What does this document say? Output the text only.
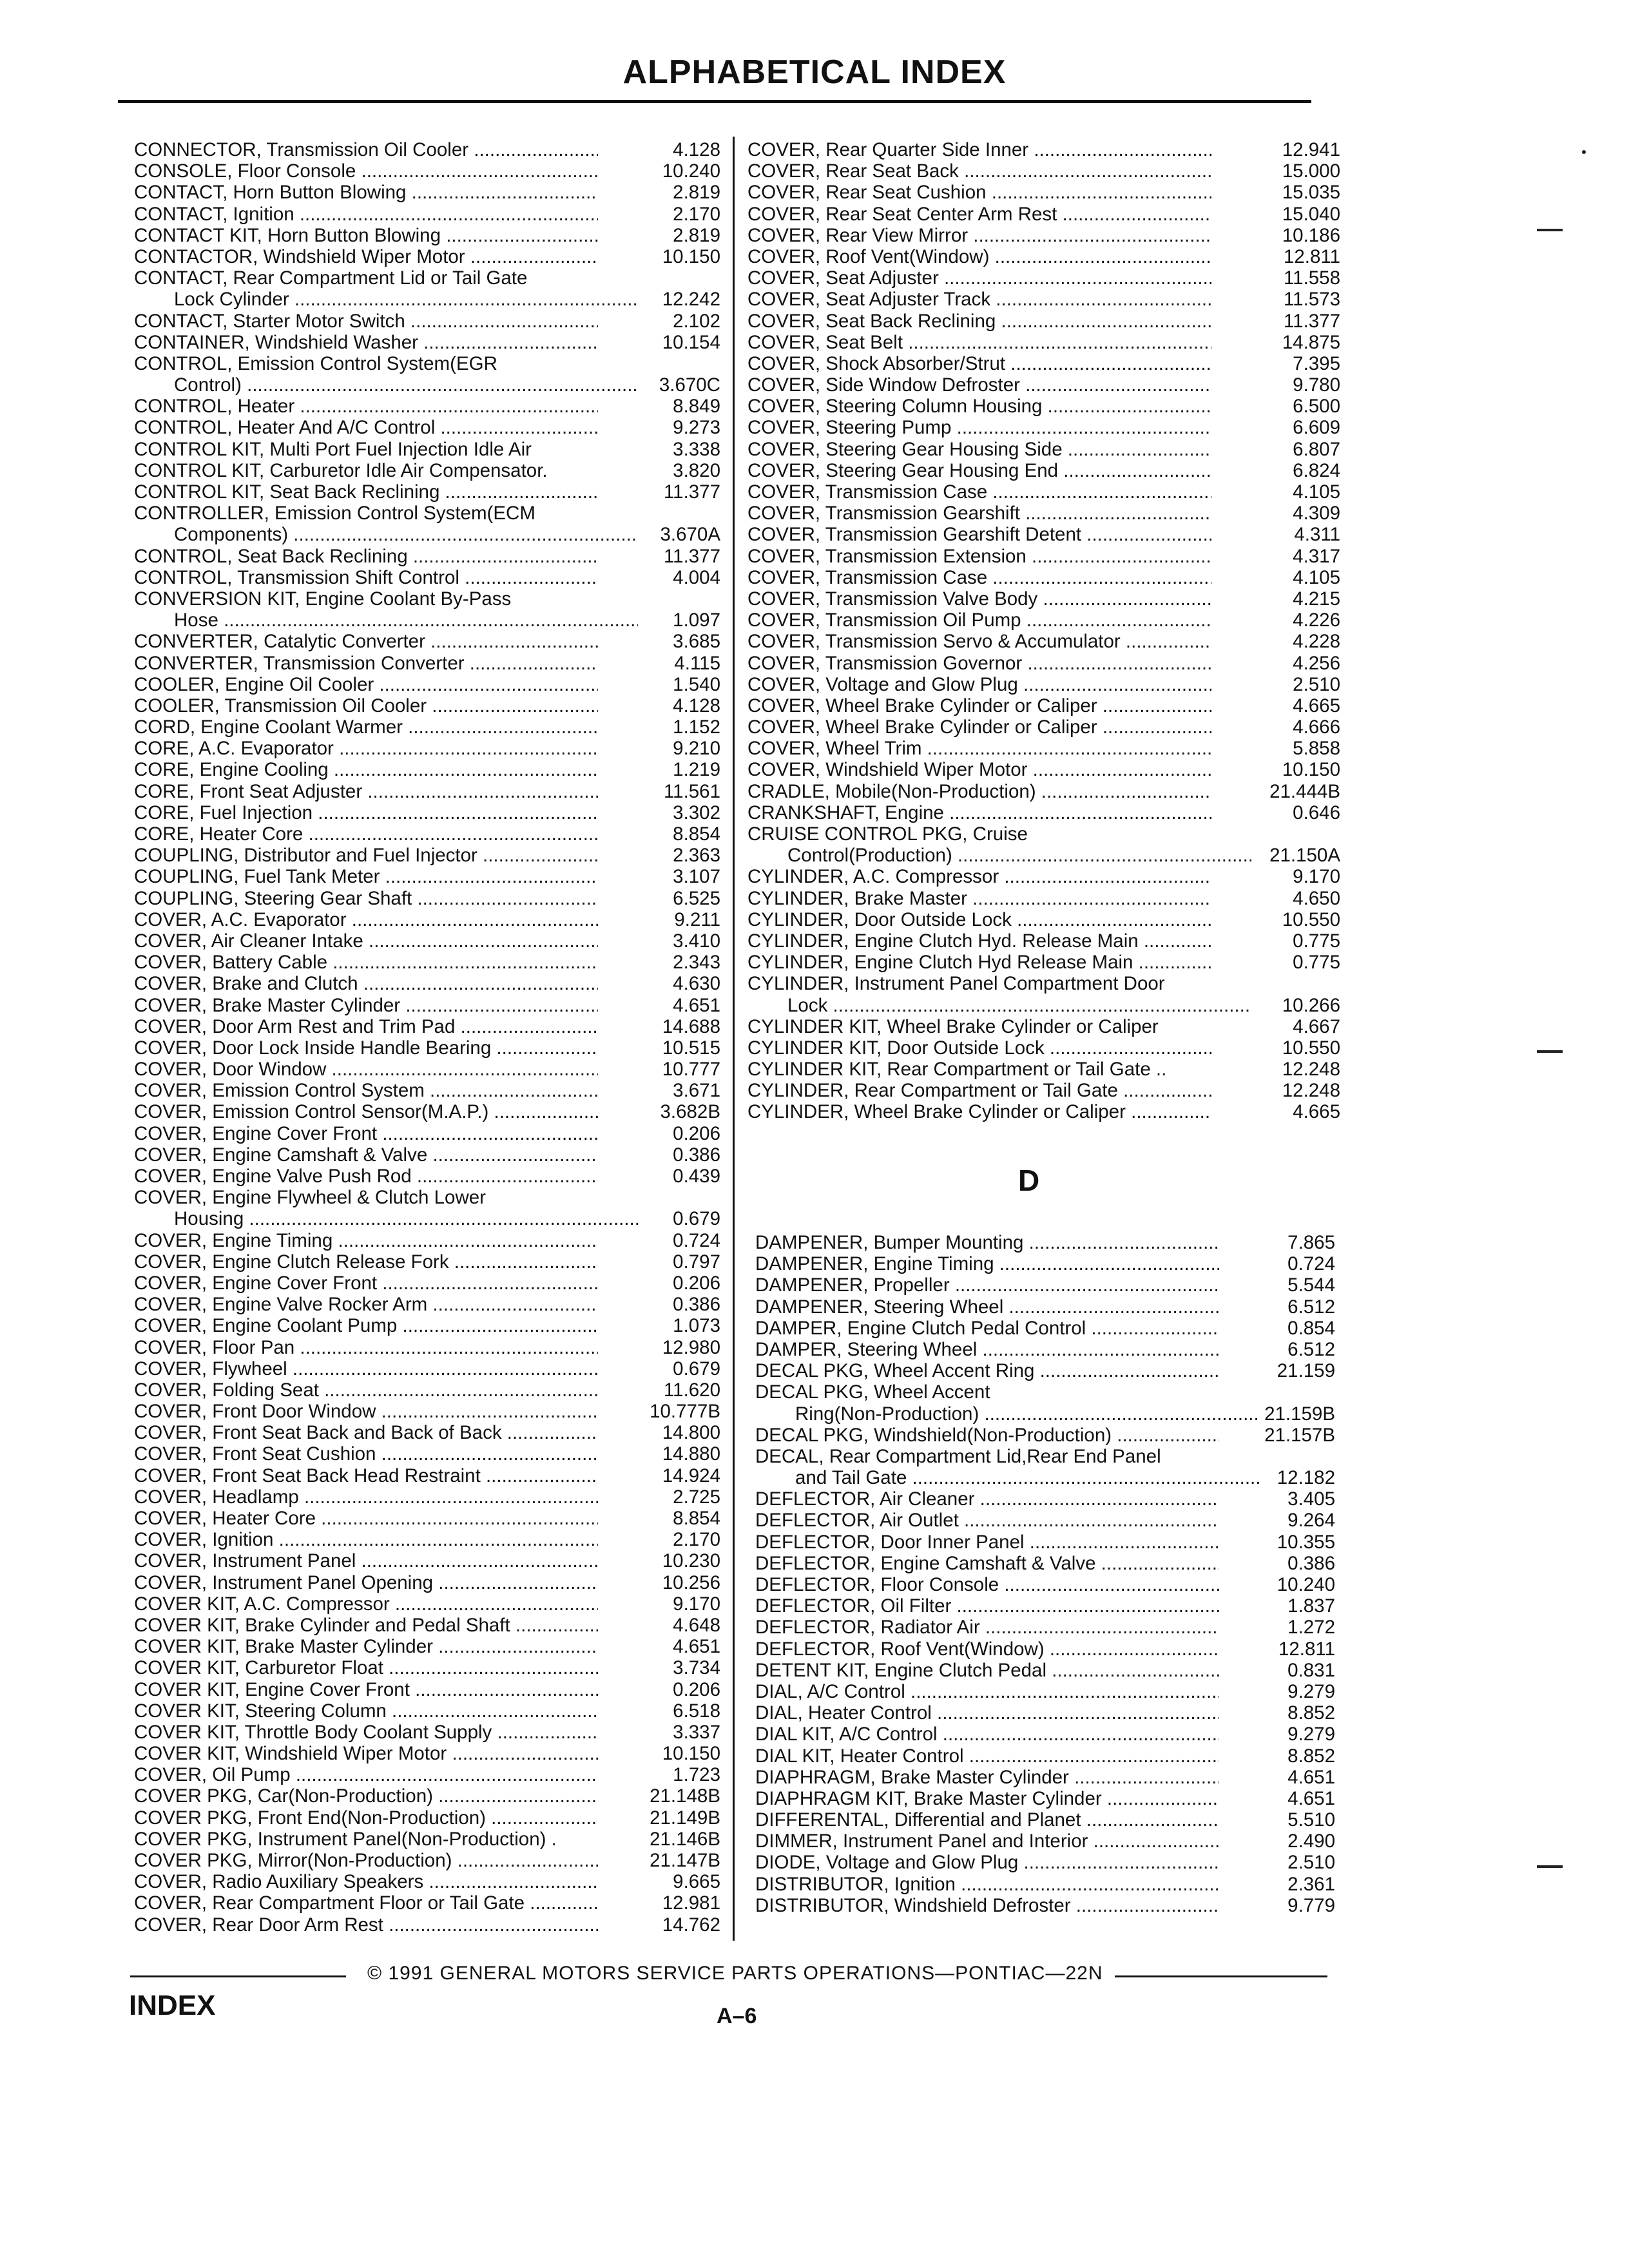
ALPHABETICAL INDEX
CONNECTOR, Transmission Oil Cooler .....	4.128
CONSOLE, Floor Console .....	10.240
CONTACT, Horn Button Blowing .....	2.819
CONTACT, Ignition .....	2.170
CONTACT KIT, Horn Button Blowing .....	2.819
CONTACTOR, Windshield Wiper Motor .....	10.150
CONTACT, Rear Compartment Lid or Tail Gate
Lock Cylinder .....	12.242
CONTACT, Starter Motor Switch .....	2.102
CONTAINER, Windshield Washer .....	10.154
CONTROL, Emission Control System(EGR
Control) .....	3.670C
CONTROL, Heater .....	8.849
CONTROL, Heater And A/C Control .....	9.273
CONTROL KIT, Multi Port Fuel Injection Idle Air	3.338
CONTROL KIT, Carburetor Idle Air Compensator.	3.820
CONTROL KIT, Seat Back Reclining .....	11.377
CONTROLLER, Emission Control System(ECM
Components) .....	3.670A
CONTROL, Seat Back Reclining .....	11.377
CONTROL, Transmission Shift Control .....	4.004
CONVERSION KIT, Engine Coolant By-Pass
Hose .....	1.097
CONVERTER, Catalytic Converter .....	3.685
CONVERTER, Transmission Converter .....	4.115
COOLER, Engine Oil Cooler .....	1.540
COOLER, Transmission Oil Cooler .....	4.128
CORD, Engine Coolant Warmer .....	1.152
CORE, A.C. Evaporator .....	9.210
CORE, Engine Cooling .....	1.219
CORE, Front Seat Adjuster .....	11.561
CORE, Fuel Injection .....	3.302
CORE, Heater Core .....	8.854
COUPLING, Distributor and Fuel Injector .....	2.363
COUPLING, Fuel Tank Meter .....	3.107
COUPLING, Steering Gear Shaft .....	6.525
COVER, A.C. Evaporator .....	9.211
COVER, Air Cleaner Intake .....	3.410
COVER, Battery Cable .....	2.343
COVER, Brake and Clutch .....	4.630
COVER, Brake Master Cylinder .....	4.651
COVER, Door Arm Rest and Trim Pad .....	14.688
COVER, Door Lock Inside Handle Bearing .....	10.515
COVER, Door Window .....	10.777
COVER, Emission Control System .....	3.671
COVER, Emission Control Sensor(M.A.P.) .....	3.682B
COVER, Engine Cover Front .....	0.206
COVER, Engine Camshaft & Valve .....	0.386
COVER, Engine Valve Push Rod .....	0.439
COVER, Engine Flywheel & Clutch Lower
Housing .....	0.679
COVER, Engine Timing .....	0.724
COVER, Engine Clutch Release Fork .....	0.797
COVER, Engine Cover Front .....	0.206
COVER, Engine Valve Rocker Arm .....	0.386
COVER, Engine Coolant Pump .....	1.073
COVER, Floor Pan .....	12.980
COVER, Flywheel .....	0.679
COVER, Folding Seat .....	11.620
COVER, Front Door Window .....	10.777B
COVER, Front Seat Back and Back of Back .....	14.800
COVER, Front Seat Cushion .....	14.880
COVER, Front Seat Back Head Restraint .....	14.924
COVER, Headlamp .....	2.725
COVER, Heater Core .....	8.854
COVER, Ignition .....	2.170
COVER, Instrument Panel .....	10.230
COVER, Instrument Panel Opening .....	10.256
COVER KIT, A.C. Compressor .....	9.170
COVER KIT, Brake Cylinder and Pedal Shaft .....	4.648
COVER KIT, Brake Master Cylinder .....	4.651
COVER KIT, Carburetor Float .....	3.734
COVER KIT, Engine Cover Front .....	0.206
COVER KIT, Steering Column .....	6.518
COVER KIT, Throttle Body Coolant Supply .....	3.337
COVER KIT, Windshield Wiper Motor .....	10.150
COVER, Oil Pump .....	1.723
COVER PKG, Car(Non-Production) .....	21.148B
COVER PKG, Front End(Non-Production) .....	21.149B
COVER PKG, Instrument Panel(Non-Production) .	21.146B
COVER PKG, Mirror(Non-Production) .....	21.147B
COVER, Radio Auxiliary Speakers .....	9.665
COVER, Rear Compartment Floor or Tail Gate .....	12.981
COVER, Rear Door Arm Rest .....	14.762
COVER, Rear Quarter Side Inner .....	12.941
COVER, Rear Seat Back .....	15.000
COVER, Rear Seat Cushion .....	15.035
COVER, Rear Seat Center Arm Rest .....	15.040
COVER, Rear View Mirror .....	10.186
COVER, Roof Vent(Window) .....	12.811
COVER, Seat Adjuster .....	11.558
COVER, Seat Adjuster Track .....	11.573
COVER, Seat Back Reclining .....	11.377
COVER, Seat Belt .....	14.875
COVER, Shock Absorber/Strut .....	7.395
COVER, Side Window Defroster .....	9.780
COVER, Steering Column Housing .....	6.500
COVER, Steering Pump .....	6.609
COVER, Steering Gear Housing Side .....	6.807
COVER, Steering Gear Housing End .....	6.824
COVER, Transmission Case .....	4.105
COVER, Transmission Gearshift .....	4.309
COVER, Transmission Gearshift Detent .....	4.311
COVER, Transmission Extension .....	4.317
COVER, Transmission Case .....	4.105
COVER, Transmission Valve Body .....	4.215
COVER, Transmission Oil Pump .....	4.226
COVER, Transmission Servo & Accumulator .....	4.228
COVER, Transmission Governor .....	4.256
COVER, Voltage and Glow Plug .....	2.510
COVER, Wheel Brake Cylinder or Caliper .....	4.665
COVER, Wheel Brake Cylinder or Caliper .....	4.666
COVER, Wheel Trim .....	5.858
COVER, Windshield Wiper Motor .....	10.150
CRADLE, Mobile(Non-Production) .....	21.444B
CRANKSHAFT, Engine .....	0.646
CRUISE CONTROL PKG, Cruise
Control(Production) .....	21.150A
CYLINDER, A.C. Compressor .....	9.170
CYLINDER, Brake Master .....	4.650
CYLINDER, Door Outside Lock .....	10.550
CYLINDER, Engine Clutch Hyd. Release Main .....	0.775
CYLINDER, Engine Clutch Hyd Release Main .....	0.775
CYLINDER, Instrument Panel Compartment Door
Lock .....	10.266
CYLINDER KIT, Wheel Brake Cylinder or Caliper	4.667
CYLINDER KIT, Door Outside Lock .....	10.550
CYLINDER KIT, Rear Compartment or Tail Gate ..	12.248
CYLINDER, Rear Compartment or Tail Gate .....	12.248
CYLINDER, Wheel Brake Cylinder or Caliper .....	4.665
D
DAMPENER, Bumper Mounting .....	7.865
DAMPENER, Engine Timing .....	0.724
DAMPENER, Propeller .....	5.544
DAMPENER, Steering Wheel .....	6.512
DAMPER, Engine Clutch Pedal Control .....	0.854
DAMPER, Steering Wheel .....	6.512
DECAL PKG, Wheel Accent Ring .....	21.159
DECAL PKG, Wheel Accent
Ring(Non-Production) .....	21.159B
DECAL PKG, Windshield(Non-Production) .....	21.157B
DECAL, Rear Compartment Lid,Rear End Panel
and Tail Gate .....	12.182
DEFLECTOR, Air Cleaner .....	3.405
DEFLECTOR, Air Outlet .....	9.264
DEFLECTOR, Door Inner Panel .....	10.355
DEFLECTOR, Engine Camshaft & Valve .....	0.386
DEFLECTOR, Floor Console .....	10.240
DEFLECTOR, Oil Filter .....	1.837
DEFLECTOR, Radiator Air .....	1.272
DEFLECTOR, Roof Vent(Window) .....	12.811
DETENT KIT, Engine Clutch Pedal .....	0.831
DIAL, A/C Control .....	9.279
DIAL, Heater Control .....	8.852
DIAL KIT, A/C Control .....	9.279
DIAL KIT, Heater Control .....	8.852
DIAPHRAGM, Brake Master Cylinder .....	4.651
DIAPHRAGM KIT, Brake Master Cylinder .....	4.651
DIFFERENTAL, Differential and Planet .....	5.510
DIMMER, Instrument Panel and Interior .....	2.490
DIODE, Voltage and Glow Plug .....	2.510
DISTRIBUTOR, Ignition .....	2.361
DISTRIBUTOR, Windshield Defroster .....	9.779
© 1991 GENERAL MOTORS SERVICE PARTS OPERATIONS—PONTIAC—22N
INDEX	A–6
